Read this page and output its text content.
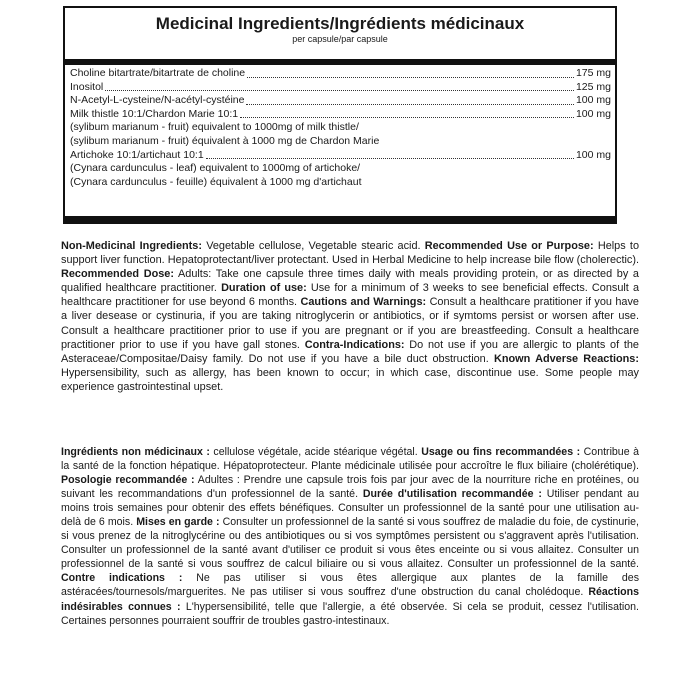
Medicinal Ingredients/Ingrédients médicinaux
per capsule/par capsule
Choline bitartrate/bitartrate de choline	175 mg
Inositol	125 mg
N-Acetyl-L-cysteine/N-acétyl-cystéine	100 mg
Milk thistle 10:1/Chardon Marie 10:1	100 mg
(sylibum marianum - fruit) equivalent to 1000mg of milk thistle/
(sylibum marianum - fruit) équivalent à 1000 mg de Chardon Marie
Artichoke 10:1/artichaut 10:1	100 mg
(Cynara cardunculus - leaf) equivalent to 1000mg of artichoke/
(Cynara cardunculus - feuille) équivalent à 1000 mg d'artichaut
Non-Medicinal Ingredients: Vegetable cellulose, Vegetable stearic acid. Recommended Use or Purpose: Helps to support liver function. Hepatoprotectant/liver protectant. Used in Herbal Medicine to help increase bile flow (cholerectic). Recommended Dose: Adults: Take one capsule three times daily with meals providing protein, or as directed by a qualified healthcare practitioner. Duration of use: Use for a minimum of 3 weeks to see beneficial effects. Consult a healthcare practitioner for use beyond 6 months. Cautions and Warnings: Consult a healthcare pratitioner if you have a liver desease or cystinuria, if you are taking nitroglycerin or antibiotics, or if symtoms persist or worsen after use. Consult a healthcare practitioner prior to use if you are pregnant or if you are breastfeeding. Consult a healthcare practitioner prior to use if you have gall stones. Contra-Indications: Do not use if you are allergic to plants of the Asteraceae/Compositae/Daisy family. Do not use if you have a bile duct obstruction. Known Adverse Reactions: Hypersensibility, such as allergy, has been known to occur; in which case, discontinue use. Some people may experience gastrointestinal upset.
Ingrédients non médicinaux : cellulose végétale, acide stéarique végétal. Usage ou fins recommandées : Contribue à la santé de la fonction hépatique. Hépatoprotecteur. Plante médicinale utilisée pour accroître le flux biliaire (cholérétique). Posologie recommandée : Adultes : Prendre une capsule trois fois par jour avec de la nourriture riche en protéines, ou suivant les recommandations d'un professionnel de la santé. Durée d'utilisation recommandée : Utiliser pendant au moins trois semaines pour obtenir des effets bénéfiques. Consulter un professionnel de la santé pour une utilisation au-delà de 6 mois. Mises en garde : Consulter un professionnel de la santé si vous souffrez de maladie du foie, de cystinurie, si vous prenez de la nitroglycérine ou des antibiotiques ou si vos symptômes persistent ou s'aggravent après l'utilisation. Consulter un professionnel de la santé avant d'utiliser ce produit si vous êtes enceinte ou si vous allaitez. Consulter un professionnel de la santé si vous souffrez de calcul biliaire ou si vous allaitez. Consulter un professionnel de la santé. Contre indications : Ne pas utiliser si vous êtes allergique aux plantes de la famille des astéracées/tournesols/marguerites. Ne pas utiliser si vous souffrez d'une obstruction du canal cholédoque. Réactions indésirables connues : L'hypersensibilité, telle que l'allergie, a été observée. Si cela se produit, cessez l'utilisation. Certaines personnes pourraient souffrir de troubles gastro-intestinaux.
